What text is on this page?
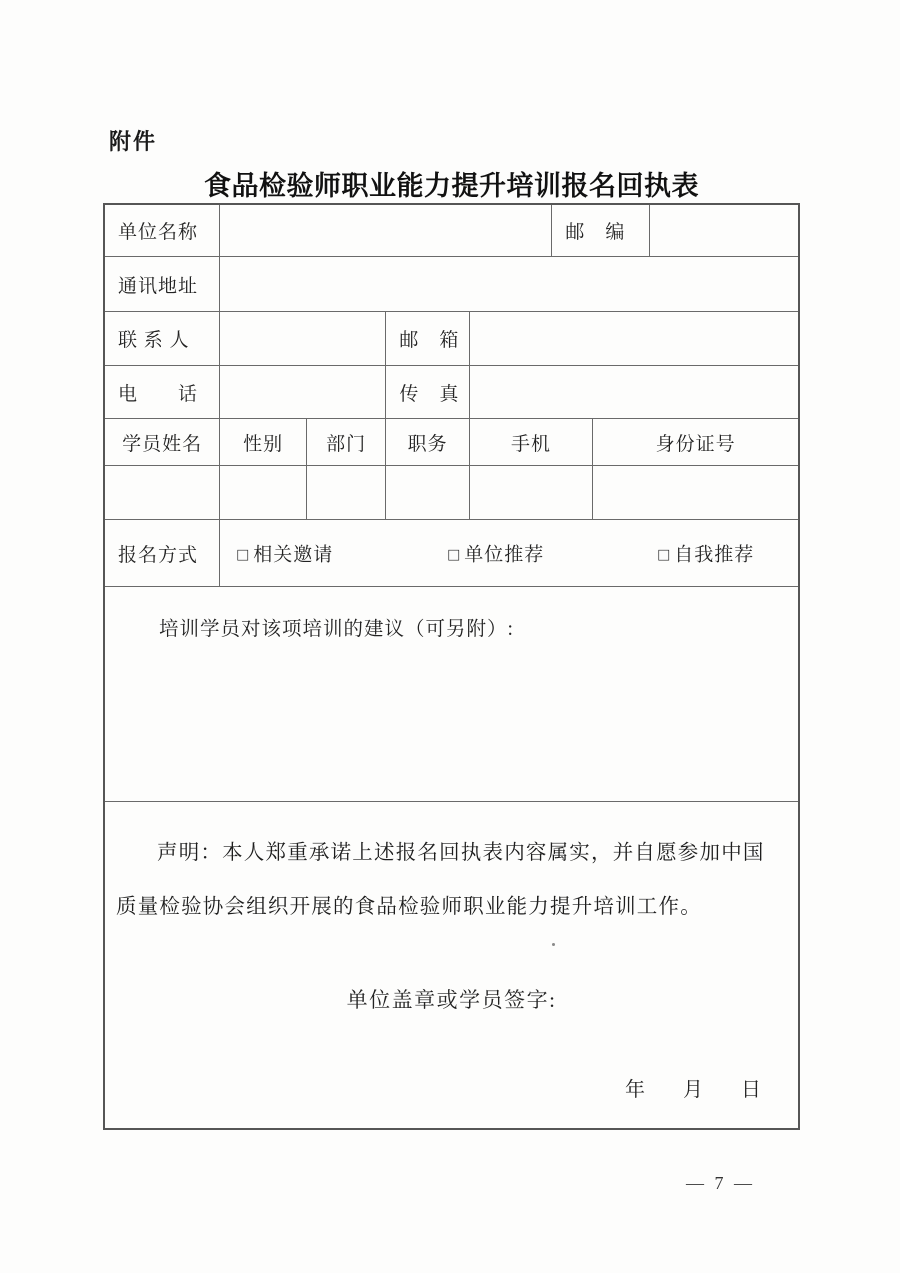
附件
食品检验师职业能力提升培训报名回执表
单位名称	邮　编
通讯地址
联 系 人	邮　箱
电　　话	传　真
学员姓名	性别	部门	职务	手机	身份证号
报名方式	□ 相关邀请	□ 单位推荐	□ 自我推荐
培训学员对该项培训的建议（可另附）:
声明：本人郑重承诺上述报名回执表内容属实，并自愿参加中国质量检验协会组织开展的食品检验师职业能力提升培训工作。
单位盖章或学员签字:
年 月 日
— 7 —
